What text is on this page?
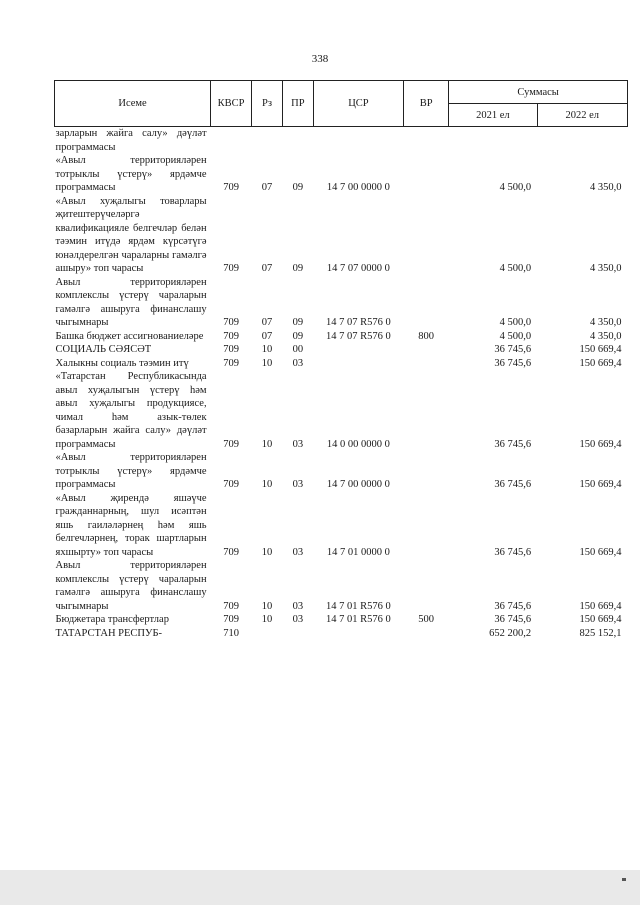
338
Исеме	КВСР	Рз	ПР	ЦСР	ВР	Суммасы	
						2021 ел	2022 ел
зарларын жайга салу» дәүләт программасы							
«Авыл территорияләрен тотрыклы үстерү» ярдәмче программасы	709	07	09	14 7 00 0000 0		4 500,0	4 350,0
«Авыл хуҗалыгы товарлары җитештерүчеләргә квалификацияле белгечләр белән тәэмин итүдә ярдәм күрсәтүгә юнәлдерелгән чараларны гамәлгә ашыру» топ чарасы	709	07	09	14 7 07 0000 0		4 500,0	4 350,0
Авыл территорияләрен комплекслы үстерү чараларын гамәлгә ашыруга финанслашу чыгымнары	709	07	09	14 7 07 R576 0		4 500,0	4 350,0
Башка бюджет ассигнованиеләре	709	07	09	14 7 07 R576 0	800	4 500,0	4 350,0
СОЦИАЛЬ СӘЯСӘТ	709	10	00			36 745,6	150 669,4
Халыкны социаль тәэмин итү	709	10	03			36 745,6	150 669,4
«Татарстан Республикасында авыл хуҗалыгын үстерү һәм авыл хуҗалыгы продукциясе, чимал һәм азык-төлек базарларын жайга салу» дәүләт программасы	709	10	03	14 0 00 0000 0		36 745,6	150 669,4
«Авыл территорияләрен тотрыклы үстерү» ярдәмче программасы	709	10	03	14 7 00 0000 0		36 745,6	150 669,4
«Авыл җирендә яшәүче гражданнарның, шул исәптән яшь гаиләләрнең һәм яшь белгечләрнең, торак шартларын яхшырту» топ чарасы	709	10	03	14 7 01 0000 0		36 745,6	150 669,4
Авыл территорияләрен комплекслы үстерү чараларын гамәлгә ашыруга финанслашу чыгымнары	709	10	03	14 7 01 R576 0		36 745,6	150 669,4
Бюджетара трансфертлар	709	10	03	14 7 01 R576 0	500	36 745,6	150 669,4
ТАТАРСТАН РЕСПУБ-	710					652 200,2	825 152,1
